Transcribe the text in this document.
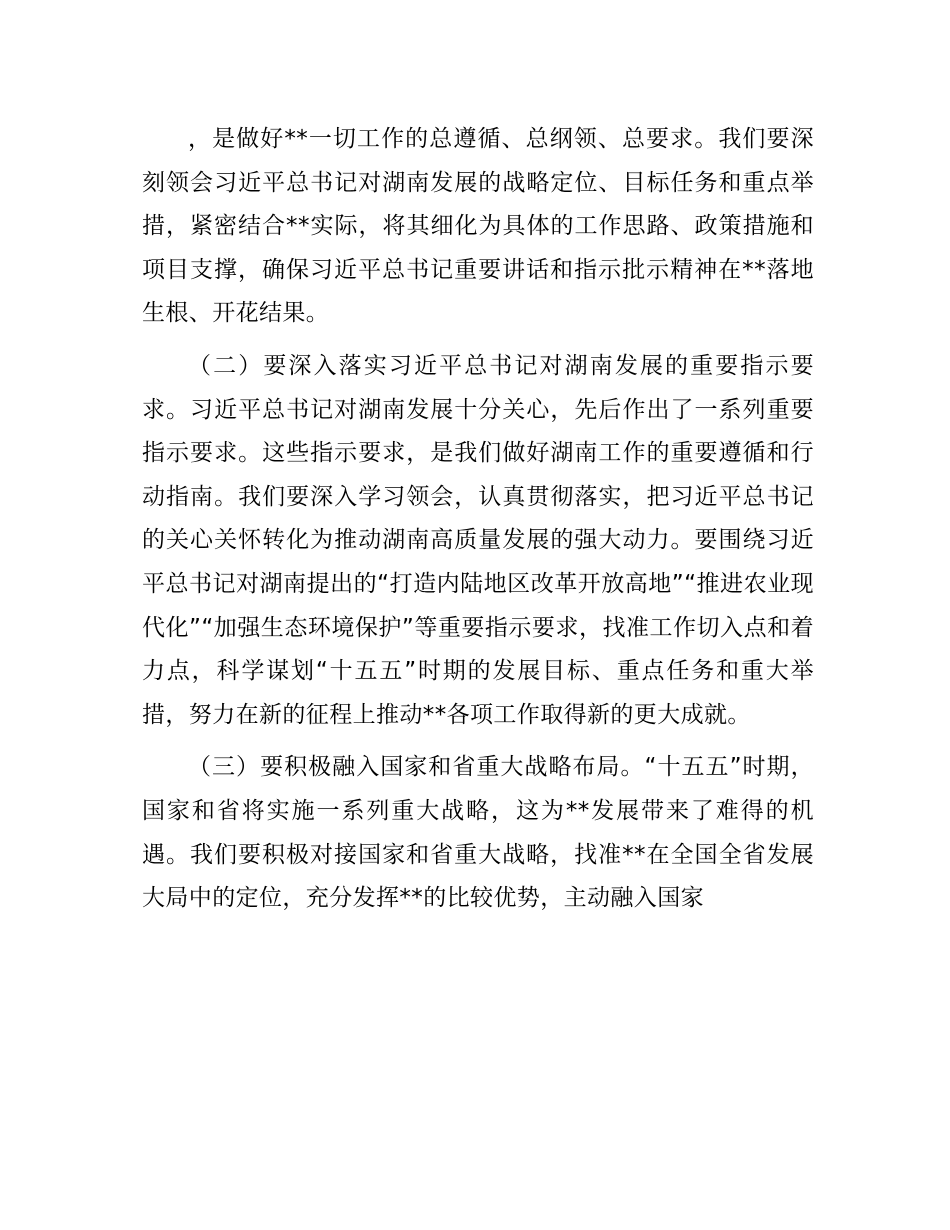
，是做好**一切工作的总遵循、总纲领、总要求。我们要深刻领会习近平总书记对湖南发展的战略定位、目标任务和重点举措，紧密结合**实际，将其细化为具体的工作思路、政策措施和项目支撑，确保习近平总书记重要讲话和指示批示精神在**落地生根、开花结果。

（二）要深入落实习近平总书记对湖南发展的重要指示要求。习近平总书记对湖南发展十分关心，先后作出了一系列重要指示要求。这些指示要求，是我们做好湖南工作的重要遵循和行动指南。我们要深入学习领会，认真贯彻落实，把习近平总书记的关心关怀转化为推动湖南高质量发展的强大动力。要围绕习近平总书记对湖南提出的“打造内陆地区改革开放高地”“推进农业现代化”“加强生态环境保护”等重要指示要求，找准工作切入点和着力点，科学谋划“十五五”时期的发展目标、重点任务和重大举措，努力在新的征程上推动**各项工作取得新的更大成就。

（三）要积极融入国家和省重大战略布局。“十五五”时期，国家和省将实施一系列重大战略，这为**发展带来了难得的机遇。我们要积极对接国家和省重大战略，找准**在全国全省发展大局中的定位，充分发挥**的比较优势，主动融入国家
